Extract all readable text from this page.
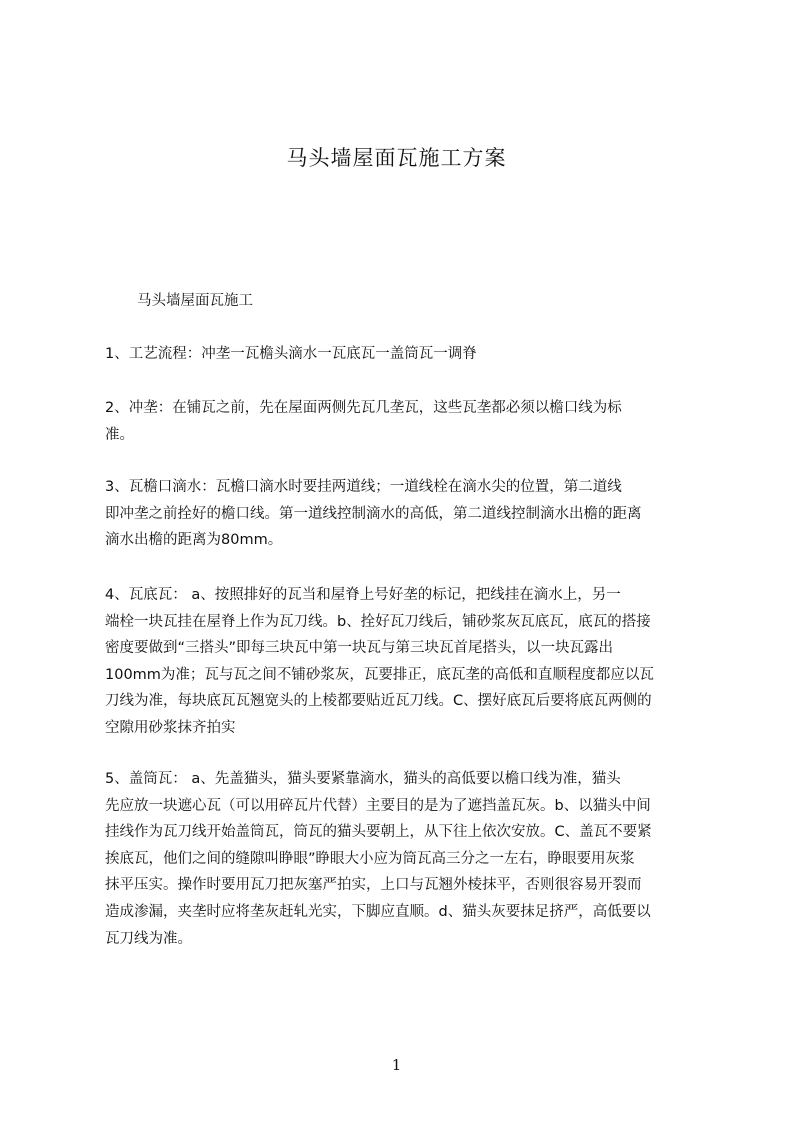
马头墙屋面瓦施工方案
马头墙屋面瓦施工
1、工艺流程：冲垄一瓦檐头滴水一瓦底瓦一盖筒瓦一调脊
2、冲垄：在铺瓦之前，先在屋面两侧先瓦几垄瓦，这些瓦垄都必须以檐口线为标
准。
3、瓦檐口滴水：瓦檐口滴水时要挂两道线；一道线栓在滴水尖的位置，第二道线
即冲垄之前拴好的檐口线。第一道线控制滴水的高低，第二道线控制滴水出檐的距离
滴水出檐的距离为80mm。
4、瓦底瓦： a、按照排好的瓦当和屋脊上号好垄的标记，把线挂在滴水上，另一
端栓一块瓦挂在屋脊上作为瓦刀线。b、拴好瓦刀线后，铺砂浆灰瓦底瓦，底瓦的搭接
密度要做到“三搭头”即每三块瓦中第一块瓦与第三块瓦首尾搭头，以一块瓦露出
100mm为准；瓦与瓦之间不铺砂浆灰，瓦要排正，底瓦垄的高低和直顺程度都应以瓦
刀线为准，每块底瓦瓦翘宽头的上棱都要贴近瓦刀线。C、摆好底瓦后要将底瓦两侧的
空隙用砂浆抹齐拍实
5、盖筒瓦： a、先盖猫头，猫头要紧靠滴水，猫头的高低要以檐口线为准，猫头
先应放一块遮心瓦（可以用碎瓦片代替）主要目的是为了遮挡盖瓦灰。b、以猫头中间
挂线作为瓦刀线开始盖筒瓦，筒瓦的猫头要朝上，从下往上依次安放。C、盖瓦不要紧
挨底瓦，他们之间的缝隙叫睁眼”睁眼大小应为筒瓦高三分之一左右，睁眼要用灰浆
抹平压实。操作时要用瓦刀把灰塞严拍实，上口与瓦翘外棱抹平，否则很容易开裂而
造成渗漏，夹垄时应将垄灰赶轧光实，下脚应直顺。d、猫头灰要抹足挤严，高低要以
瓦刀线为准。
1
